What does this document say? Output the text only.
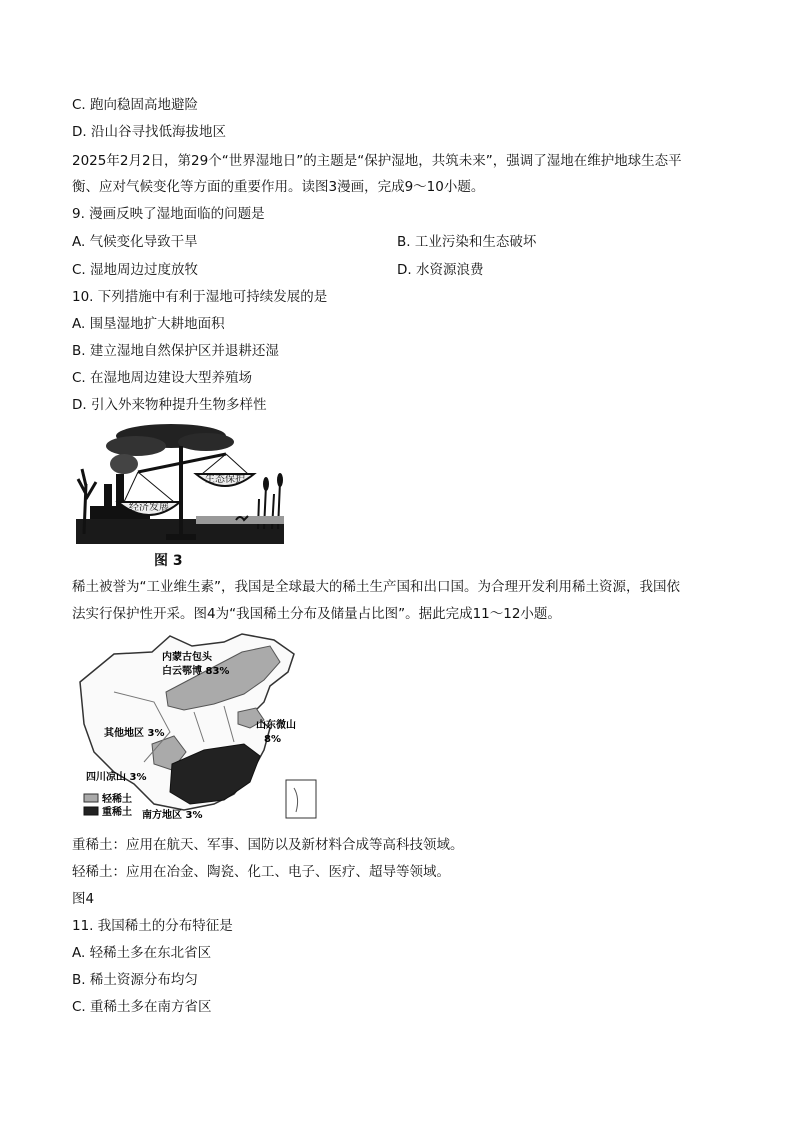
C. 跑向稳固高地避险
D. 沿山谷寻找低海拔地区
2025年2月2日，第29个“世界湿地日”的主题是“保护湿地，共筑未来”，强调了湿地在维护地球生态平
衡、应对气候变化等方面的重要作用。读图3漫画，完成9～10小题。
9. 漫画反映了湿地面临的问题是
A. 气候变化导致干旱	B. 工业污染和生态破坏
C. 湿地周边过度放牧	D. 水资源浪费
10. 下列措施中有利于湿地可持续发展的是
A. 围垦湿地扩大耕地面积
B. 建立湿地自然保护区并退耕还湿
C. 在湿地周边建设大型养殖场
D. 引入外来物种提升生物多样性
经济发展
生态保护
图 3
稀土被誉为“工业维生素”，我国是全球最大的稀土生产国和出口国。为合理开发利用稀土资源，我国依
法实行保护性开采。图4为“我国稀土分布及储量占比图”。据此完成11～12小题。
内蒙古包头
白云鄂博 83%
其他地区 3%
山东微山
8%
四川凉山 3%
南方地区 3%
轻稀土
重稀土
重稀土：应用在航天、军事、国防以及新材料合成等高科技领域。
轻稀土：应用在冶金、陶瓷、化工、电子、医疗、超导等领域。
图4
11. 我国稀土的分布特征是
A. 轻稀土多在东北省区
B. 稀土资源分布均匀
C. 重稀土多在南方省区
